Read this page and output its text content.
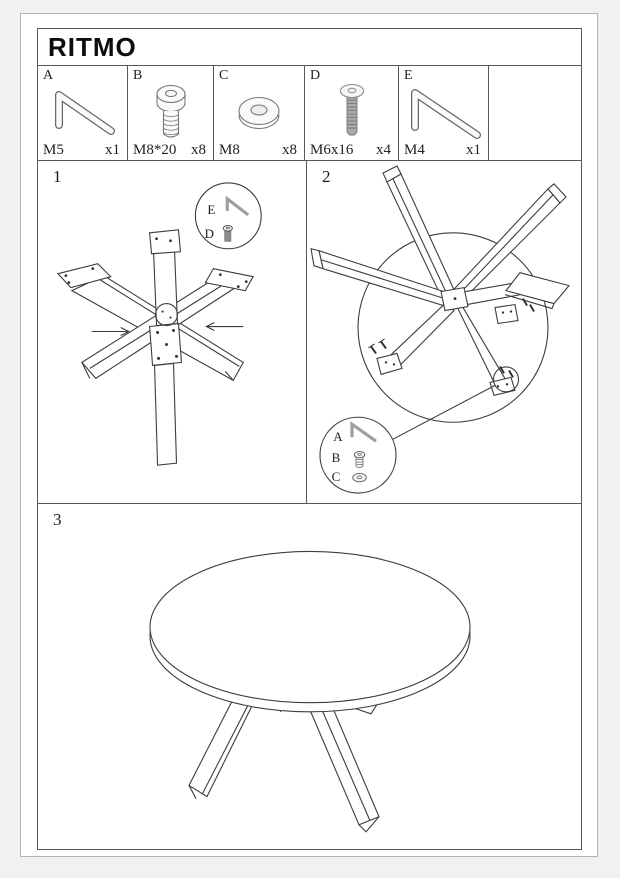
RITMO
A
M5	x1
B
M8*20 x8
C
M8	x8
D
M6x16 x4
E
M4	x1
1
E
D
2
A
B
C
3
